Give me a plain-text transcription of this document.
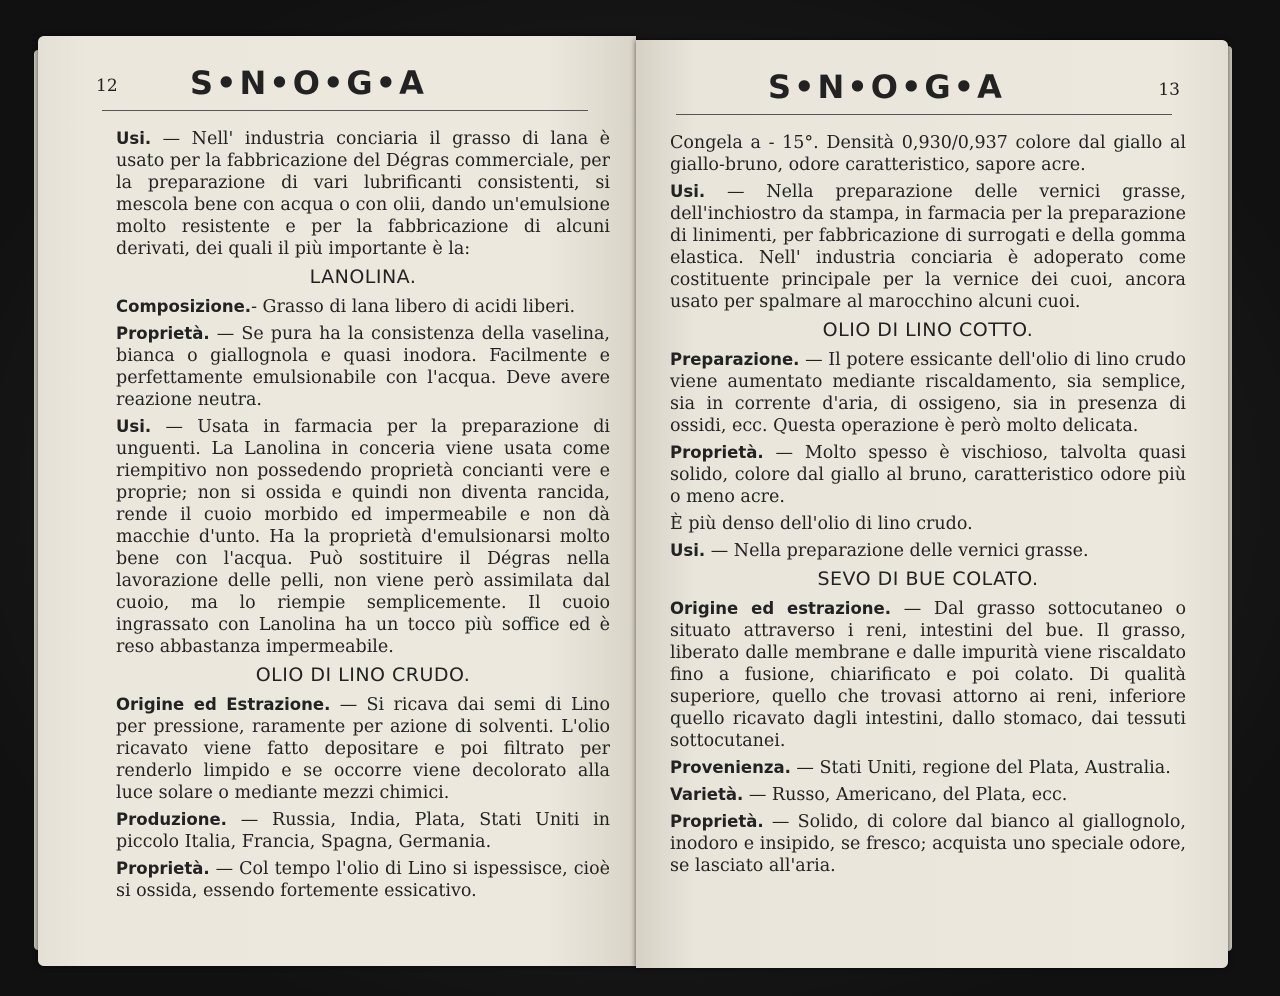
12 S•N•O•G•A

Usi. — Nell' industria conciaria il grasso di lana è usato per la fabbricazione del Dégras commerciale, per la preparazione di vari lubrificanti consistenti, si mescola bene con acqua o con olii, dando un'emulsione molto resistente e per la fabbricazione di alcuni derivati, dei quali il più importante è la:

LANOLINA.

Composizione.- Grasso di lana libero di acidi liberi.

Proprietà. — Se pura ha la consistenza della vaselina, bianca o giallognola e quasi inodora. Facilmente e perfettamente emulsionabile con l'acqua. Deve avere reazione neutra.

Usi. — Usata in farmacia per la preparazione di unguenti. La Lanolina in conceria viene usata come riempitivo non possedendo proprietà concianti vere e proprie; non si ossida e quindi non diventa rancida, rende il cuoio morbido ed impermeabile e non dà macchie d'unto. Ha la proprietà d'emulsionarsi molto bene con l'acqua. Può sostituire il Dégras nella lavorazione delle pelli, non viene però assimilata dal cuoio, ma lo riempie semplicemente. Il cuoio ingrassato con Lanolina ha un tocco più soffice ed è reso abbastanza impermeabile.

OLIO DI LINO CRUDO.

Origine ed Estrazione. — Si ricava dai semi di Lino per pressione, raramente per azione di solventi. L'olio ricavato viene fatto depositare e poi filtrato per renderlo limpido e se occorre viene decolorato alla luce solare o mediante mezzi chimici.

Produzione. — Russia, India, Plata, Stati Uniti in piccolo Italia, Francia, Spagna, Germania.

Proprietà. — Col tempo l'olio di Lino si ispessisce, cioè si ossida, essendo fortemente essicativo.

S•N•O•G•A	13

Congela a - 15°. Densità 0,930/0,937 colore dal giallo al giallo-bruno, odore caratteristico, sapore acre.

Usi. — Nella preparazione delle vernici grasse, dell'inchiostro da stampa, in farmacia per la preparazione di linimenti, per fabbricazione di surrogati e della gomma elastica. Nell' industria conciaria è adoperato come costituente principale per la vernice dei cuoi, ancora usato per spalmare al marocchino alcuni cuoi.

OLIO DI LINO COTTO.

Preparazione. — Il potere essicante dell'olio di lino crudo viene aumentato mediante riscaldamento, sia semplice, sia in corrente d'aria, di ossigeno, sia in presenza di ossidi, ecc. Questa operazione è però molto delicata.

Proprietà. — Molto spesso è vischioso, talvolta quasi solido, colore dal giallo al bruno, caratteristico odore più o meno acre.

È più denso dell'olio di lino crudo.

Usi. — Nella preparazione delle vernici grasse.

SEVO DI BUE COLATO.

Origine ed estrazione. — Dal grasso sottocutaneo o situato attraverso i reni, intestini del bue. Il grasso, liberato dalle membrane e dalle impurità viene riscaldato fino a fusione, chiarificato e poi colato. Di qualità superiore, quello che trovasi attorno ai reni, inferiore quello ricavato dagli intestini, dallo stomaco, dai tessuti sottocutanei.

Provenienza. — Stati Uniti, regione del Plata, Australia.

Varietà. — Russo, Americano, del Plata, ecc.

Proprietà. — Solido, di colore dal bianco al giallognolo, inodoro e insipido, se fresco; acquista uno speciale odore, se lasciato all'aria.
